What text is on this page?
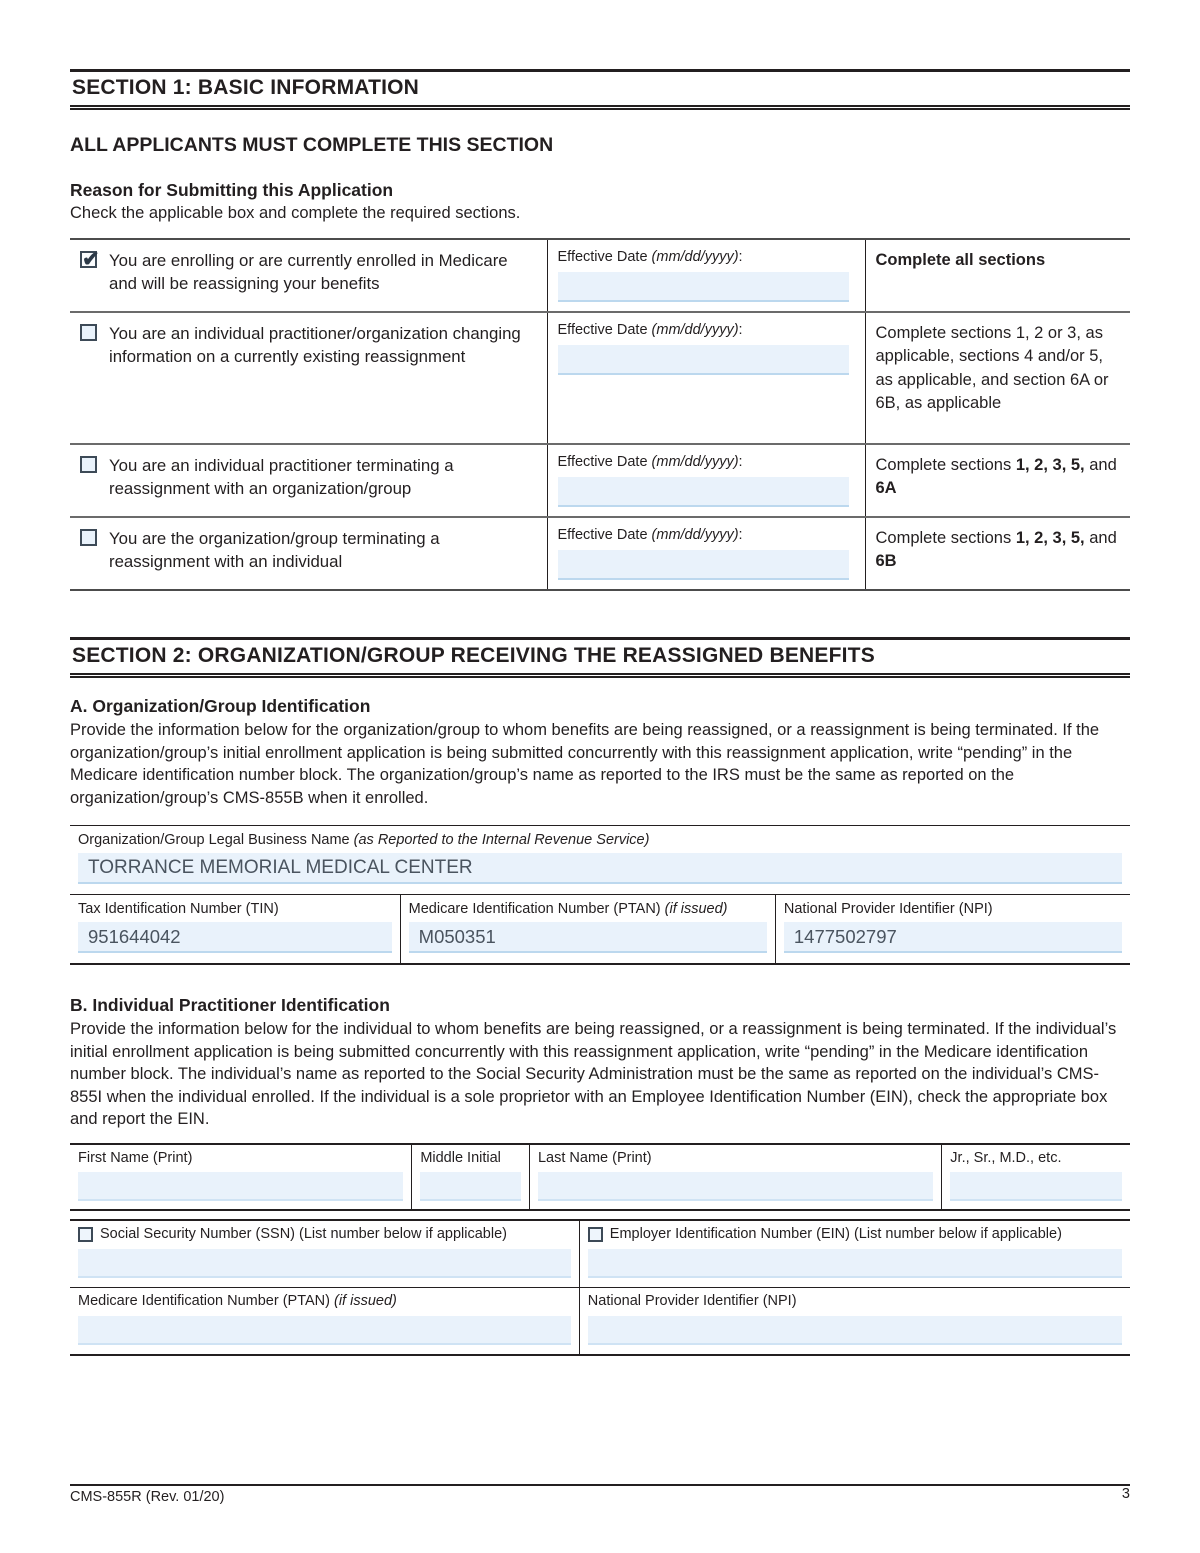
SECTION 1: BASIC INFORMATION
ALL APPLICANTS MUST COMPLETE THIS SECTION
Reason for Submitting this Application
Check the applicable box and complete the required sections.
✔ You are enrolling or are currently enrolled in Medicare and will be reassigning your benefits	Effective Date (mm/dd/yyyy):	Complete all sections

You are an individual practitioner/organization changing information on a currently existing reassignment	Effective Date (mm/dd/yyyy):	Complete sections 1, 2 or 3, as applicable, sections 4 and/or 5, as applicable, and section 6A or 6B, as applicable

You are an individual practitioner terminating a reassignment with an organization/group	Effective Date (mm/dd/yyyy):	Complete sections 1, 2, 3, 5, and 6A

You are the organization/group terminating a reassignment with an individual	Effective Date (mm/dd/yyyy):	Complete sections 1, 2, 3, 5, and 6B
SECTION 2: ORGANIZATION/GROUP RECEIVING THE REASSIGNED BENEFITS
A. Organization/Group Identification
Provide the information below for the organization/group to whom benefits are being reassigned, or a reassignment is being terminated. If the organization/group’s initial enrollment application is being submitted concurrently with this reassignment application, write “pending” in the Medicare identification number block. The organization/group’s name as reported to the IRS must be the same as reported on the organization/group’s CMS-855B when it enrolled.
Organization/Group Legal Business Name (as Reported to the Internal Revenue Service)
TORRANCE MEMORIAL MEDICAL CENTER
Tax Identification Number (TIN)
951644042
Medicare Identification Number (PTAN) (if issued)
M050351
National Provider Identifier (NPI)
1477502797
B. Individual Practitioner Identification
Provide the information below for the individual to whom benefits are being reassigned, or a reassignment is being terminated. If the individual’s initial enrollment application is being submitted concurrently with this reassignment application, write “pending” in the Medicare identification number block. The individual’s name as reported to the Social Security Administration must be the same as reported on the individual’s CMS-855I when the individual enrolled. If the individual is a sole proprietor with an Employee Identification Number (EIN), check the appropriate box and report the EIN.
First Name (Print)	Middle Initial	Last Name (Print)	Jr., Sr., M.D., etc.
Social Security Number (SSN) (List number below if applicable)	Employer Identification Number (EIN) (List number below if applicable)
Medicare Identification Number (PTAN) (if issued)	National Provider Identifier (NPI)
CMS-855R (Rev. 01/20)	3
